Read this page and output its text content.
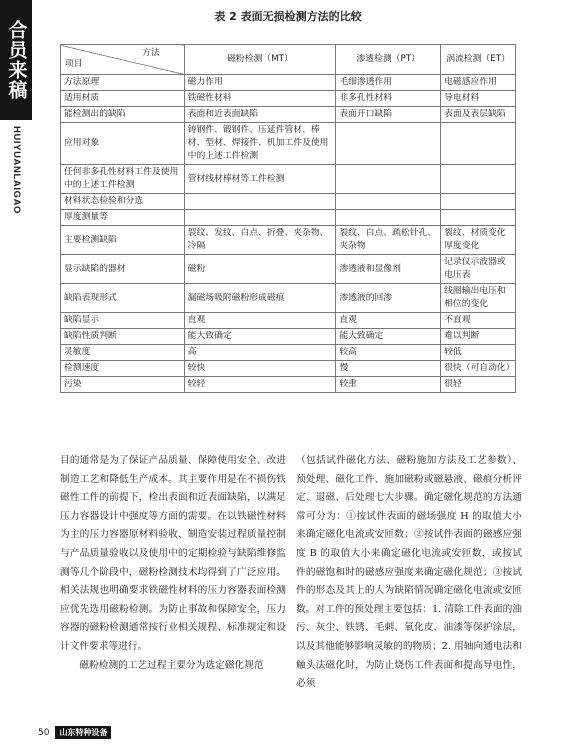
合员来稿
HUIYUANLAIGAO
表 2 表面无损检测方法的比较
方法
项目	磁粉检测（MT）	渗透检测（PT）	涡流检测（ET）
方法原理	磁力作用	毛细渗透作用	电磁感应作用
适用材质	铁磁性材料	非多孔性材料	导电材料
能检测出的缺陷	表面和近表面缺陷	表面开口缺陷	表面及表层缺陷
应用对象	铸钢件、锻钢件、压延件管材、棒材、型材、焊接件、机加工件及使用中的上述工件检测		
任何非多孔性材料工件及使用中的上述工件检测	管材线材棒材等工件检测		
材料状态检验和分选			
厚度测量等			
主要检测缺陷	裂纹、发纹、白点、折叠、夹杂物、冷隔	裂纹、白点、疏松针孔、夹杂物	裂纹、材质变化厚度变化
显示缺陷的器材	磁粉	渗透液和显像剂	记录仪示波器或电压表
缺陷表现形式	漏磁场吸附磁粉形成磁痕	渗透液的回渗	线圈输出电压和相位的变化
缺陷显示	直观	直观	不直观
缺陷性质判断	能大致确定	能大致确定	难以判断
灵敏度	高	较高	较低
检测速度	较快	慢	很快（可自动化）
污染	较轻	较重	很轻

目的通常是为了保证产品质量、保障使用安全、改进制造工艺和降低生产成本。其主要作用是在不损伤铁磁性工件的前提下，检出表面和近表面缺陷，以满足压力容器设计中强度等方面的需要。在以铁磁性材料为主的压力容器原材料验收、制造安装过程质量控制与产品质量验收以及使用中的定期检验与缺陷维修监测等几个阶段中，磁粉检测技术均得到了广泛应用。相关法规也明确要求铁磁性材料的压力容器表面检测应优先选用磁粉检测。为防止事故和保障安全，压力容器的磁粉检测通常按行业相关规程、标准规定和设计文件要求等进行。

磁粉检测的工艺过程主要分为选定磁化规范

（包括试件磁化方法、磁粉施加方法及工艺参数）、预处理、磁化工件、施加磁粉或磁悬液、磁痕分析评定、退磁、后处理七大步骤。确定磁化规范的方法通常可分为：①按试件表面的磁场强度 H 的取值大小来确定磁化电流或安匝数；②按试件表面的磁感应强度 B 的取值大小来确定磁化电流或安匝数，或按试件的磁饱和时的磁感应强度来确定磁化规范；③按试件的形态及其上的人为缺陷情况确定磁化电流或安匝数。对工件的预处理主要包括：1. 清除工件表面的油污、灰尘、铁锈、毛刺、氧化皮、油漆等保护涂层，以及其他能够影响灵敏的的物质；2. 用轴向通电法和触头法磁化时，为防止烧伤工件表面和提高导电性，必须

50	山东特种设备
